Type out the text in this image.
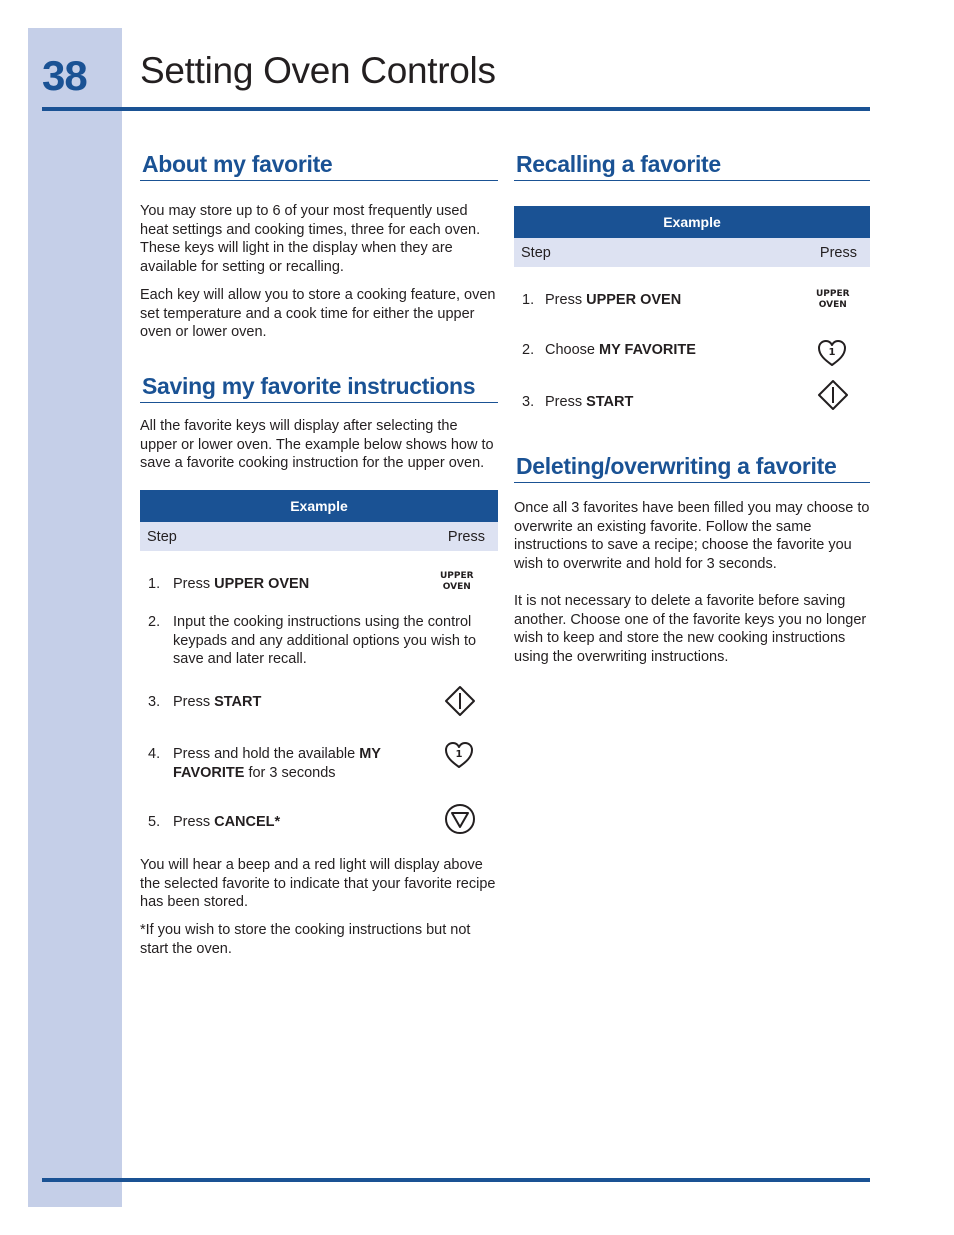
38 Setting Oven Controls
About my favorite

You may store up to 6 of your most frequently used heat settings and cooking times, three for each oven. These keys will light in the display when they are available for setting or recalling.

Each key will allow you to store a cooking feature, oven set temperature and a cook time for either the upper oven or lower oven.

Saving my favorite instructions

All the favorite keys will display after selecting the upper or lower oven. The example below shows how to save a favorite cooking instruction for the upper oven.

Example
Step	Press
1. Press UPPER OVEN	UPPER
OVEN
2. Input the cooking instructions using the control keypads and any additional options you wish to save and later recall.
3. Press START
4. Press and hold the available MY FAVORITE for 3 seconds
1
5. Press CANCEL*

You will hear a beep and a red light will display above the selected favorite to indicate that your favorite recipe has been stored.

*If you wish to store the cooking instructions but not start the oven.

Recalling a favorite
Example
Step	Press
1. Press UPPER OVEN	UPPER
OVEN
2. Choose MY FAVORITE	1
3. Press START
Deleting/overwriting a favorite

Once all 3 favorites have been filled you may choose to overwrite an existing favorite. Follow the same instructions to save a recipe; choose the favorite you wish to overwrite and hold for 3 seconds.

It is not necessary to delete a favorite before saving another. Choose one of the favorite keys you no longer wish to keep and store the new cooking instructions using the overwriting instructions.
